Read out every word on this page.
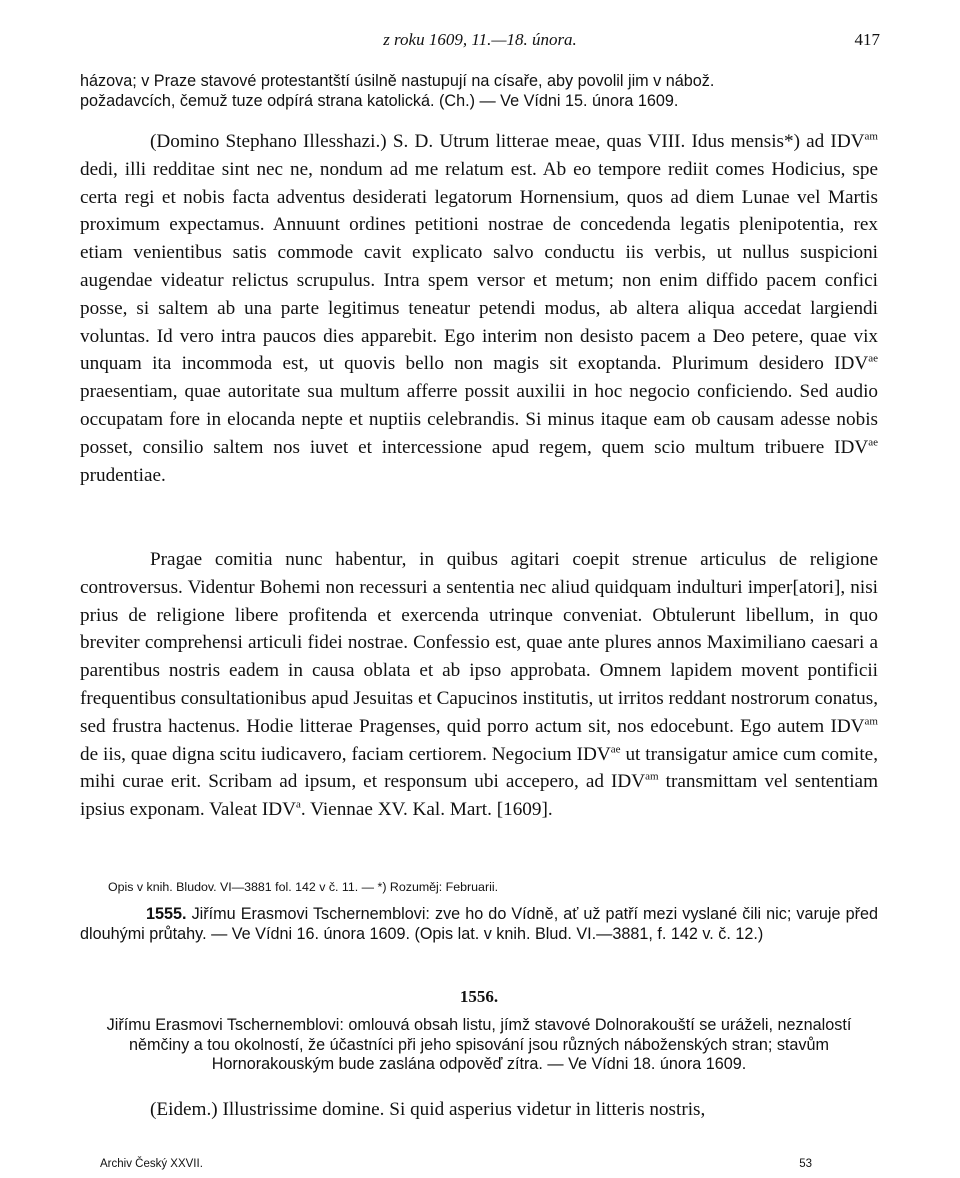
z roku 1609, 11.—18. února.	417
házova; v Praze stavové protestantští úsilně nastupují na císaře, aby povolil jim v nábož.
požadavcích, čemuž tuze odpírá strana katolická. (Ch.) — Ve Vídni 15. února 1609.
(Domino Stephano Illesshazi.) S. D. Utrum litterae meae, quas VIII. Idus mensis*) ad $IDV^{am}$ dedi, illi redditae sint nec ne, nondum ad me relatum est. Ab eo tempore rediit comes Hodicius, spe certa regi et nobis facta adventus desiderati legatorum Hornensium, quos ad diem Lunae vel Martis proximum expectamus. Annuunt ordines petitioni nostrae de concedenda legatis plenipotentia, rex etiam venientibus satis commode cavit explicato salvo conductu iis verbis, ut nullus suspicioni augendae videatur relictus scrupulus. Intra spem versor et metum; non enim diffido pacem confici posse, si saltem ab una parte legitimus teneatur petendi modus, ab altera aliqua accedat largiendi voluntas. Id vero intra paucos dies apparebit. Ego interim non desisto pacem a Deo petere, quae vix unquam ita incommoda est, ut quovis bello non magis sit exoptanda. Plurimum desidero $IDV^{ae}$ praesentiam, quae autoritate sua multum afferre possit auxilii in hoc negocio conficiendo. Sed audio occupatam fore in elocanda nepte et nuptiis celebrandis. Si minus itaque eam ob causam adesse nobis posset, consilio saltem nos iuvet et intercessione apud regem, quem scio multum tribuere $IDV^{ae}$ prudentiae.
Pragae comitia nunc habentur, in quibus agitari coepit strenue articulus de religione controversus. Videntur Bohemi non recessuri a sententia nec aliud quidquam indulturi imper[atori], nisi prius de religione libere profitenda et exercenda utrinque conveniat. Obtulerunt libellum, in quo breviter comprehensi articuli fidei nostrae. Confessio est, quae ante plures annos Maximiliano caesari a parentibus nostris eadem in causa oblata et ab ipso approbata. Omnem lapidem movent pontificii frequentibus consultationibus apud Jesuitas et Capucinos institutis, ut irritos reddant nostrorum conatus, sed frustra hactenus. Hodie litterae Pragenses, quid porro actum sit, nos edocebunt. Ego autem $IDV^{am}$ de iis, quae digna scitu iudicavero, faciam certiorem. Negocium $IDV^{ae}$ ut transigatur amice cum comite, mihi curae erit. Scribam ad ipsum, et responsum ubi accepero, ad $IDV^{am}$ transmittam vel sententiam ipsius exponam. Valeat IDV$^a$. Viennae XV. Kal. Mart. [1609].
Opis v knih. Bludov. VI—3881 fol. 142 v č. 11. — *) Rozuměj: Februarii.
1555. Jiřímu Erasmovi Tschernemblovi: zve ho do Vídně, ať už patří mezi vyslané čili nic; varuje před dlouhými průtahy. — Ve Vídni 16. února 1609. (Opis lat. v knih. Blud. VI.—3881, f. 142 v. č. 12.)
1556.
Jiřímu Erasmovi Tschernemblovi: omlouvá obsah listu, jímž stavové Dolnorakouští se uráželi, neznalostí němčiny a tou okolností, že účastníci při jeho spisování jsou různých náboženských stran; stavům Hornorakouským bude zaslána odpověď zítra. — Ve Vídni 18. února 1609.
(Eidem.) Illustrissime domine. Si quid asperius videtur in litteris nostris,
Archiv Český XXVII.	53
